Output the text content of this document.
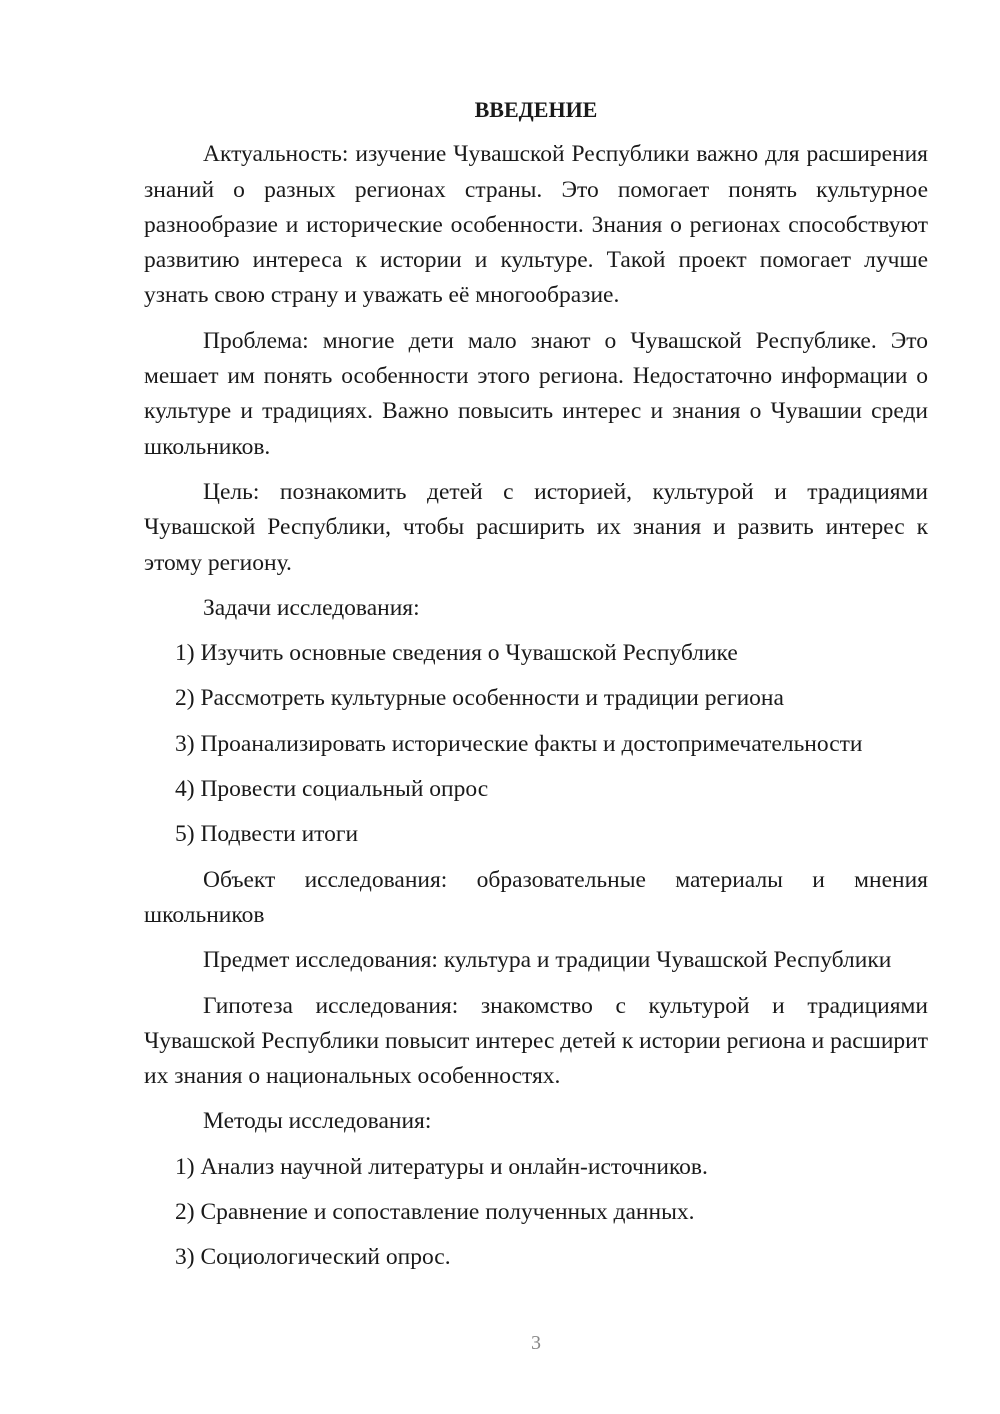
ВВЕДЕНИЕ
Актуальность: изучение Чувашской Республики важно для расширения знаний о разных регионах страны. Это помогает понять культурное разнообразие и исторические особенности. Знания о регионах способствуют развитию интереса к истории и культуре. Такой проект помогает лучше узнать свою страну и уважать её многообразие.
Проблема: многие дети мало знают о Чувашской Республике. Это мешает им понять особенности этого региона. Недостаточно информации о культуре и традициях. Важно повысить интерес и знания о Чувашии среди школьников.
Цель: познакомить детей с историей, культурой и традициями Чувашской Республики, чтобы расширить их знания и развить интерес к этому региону.
Задачи исследования:
1) Изучить основные сведения о Чувашской Республике
2) Рассмотреть культурные особенности и традиции региона
3) Проанализировать исторические факты и достопримечательности
4) Провести социальный опрос
5) Подвести итоги
Объект исследования: образовательные материалы и мнения школьников
Предмет исследования: культура и традиции Чувашской Республики
Гипотеза исследования: знакомство с культурой и традициями Чувашской Республики повысит интерес детей к истории региона и расширит их знания о национальных особенностях.
Методы исследования:
1) Анализ научной литературы и онлайн-источников.
2) Сравнение и сопоставление полученных данных.
3) Социологический опрос.
3
